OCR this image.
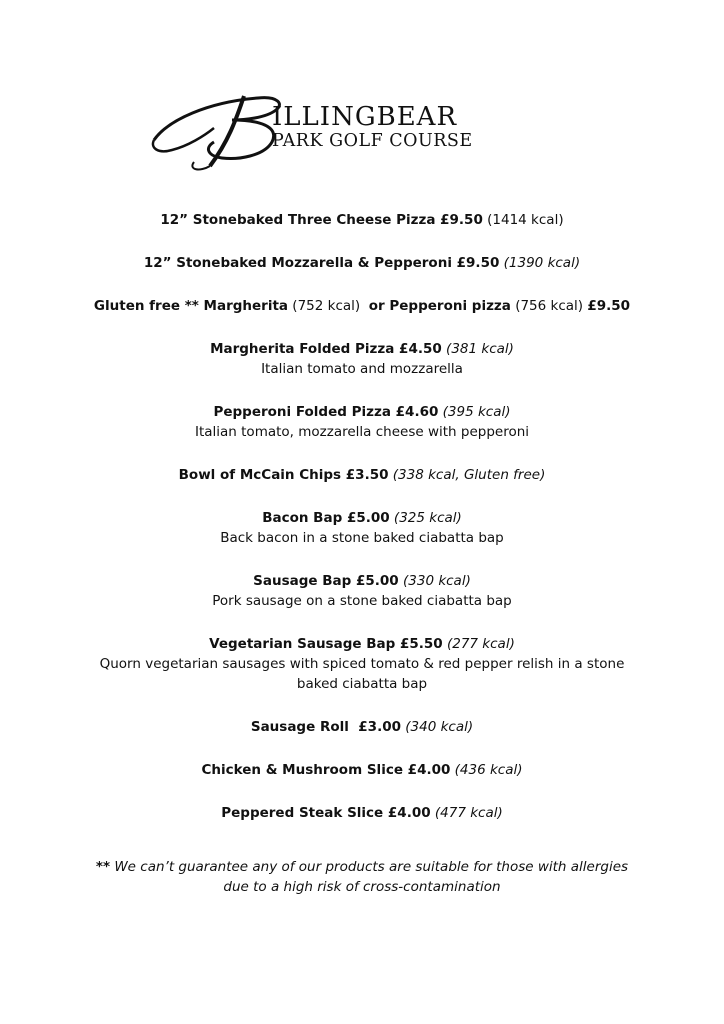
ILLINGBEAR
PARK GOLF COURSE
12” Stonebaked Three Cheese Pizza £9.50 (1414 kcal)
12” Stonebaked Mozzarella & Pepperoni £9.50 (1390 kcal)
Gluten free ** Margherita (752 kcal)  or Pepperoni pizza (756 kcal) £9.50
Margherita Folded Pizza £4.50 (381 kcal)
Italian tomato and mozzarella
Pepperoni Folded Pizza £4.60 (395 kcal)
Italian tomato, mozzarella cheese with pepperoni
Bowl of McCain Chips £3.50 (338 kcal, Gluten free)
Bacon Bap £5.00 (325 kcal)
Back bacon in a stone baked ciabatta bap
Sausage Bap £5.00 (330 kcal)
Pork sausage on a stone baked ciabatta bap
Vegetarian Sausage Bap £5.50 (277 kcal)
Quorn vegetarian sausages with spiced tomato & red pepper relish in a stone baked ciabatta bap
Sausage Roll  £3.00 (340 kcal)
Chicken & Mushroom Slice £4.00 (436 kcal)
Peppered Steak Slice £4.00 (477 kcal)
** We can’t guarantee any of our products are suitable for those with allergies
due to a high risk of cross-contamination
